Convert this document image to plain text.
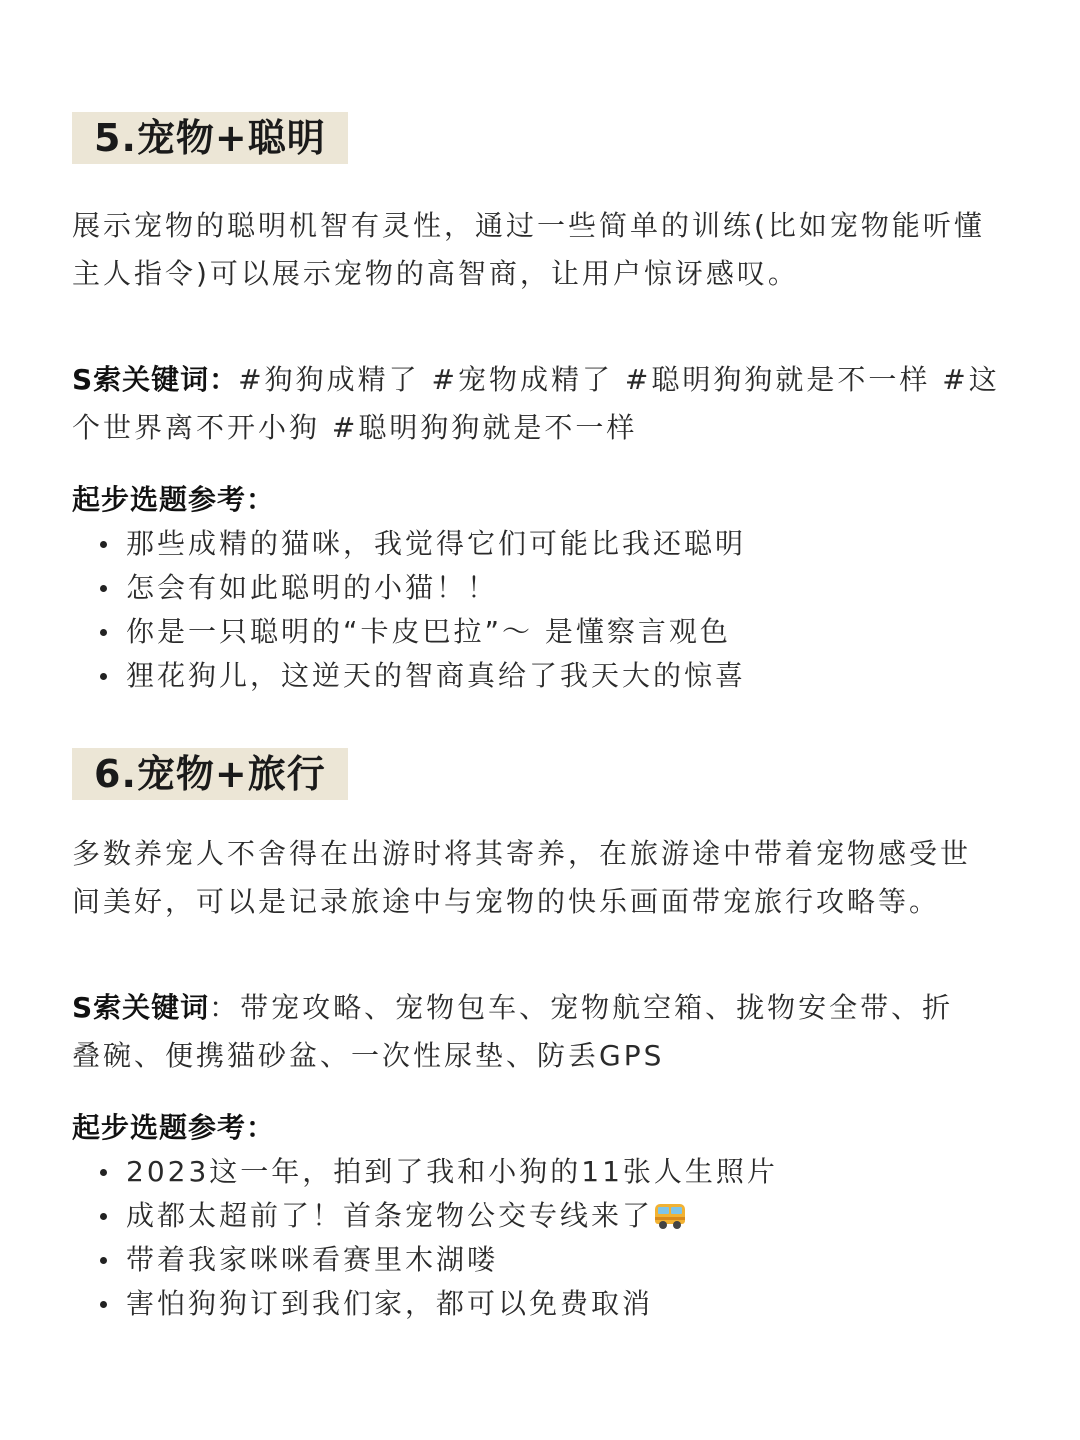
5.宠物+聪明

展示宠物的聪明机智有灵性，通过一些简单的训练(比如宠物能听懂
主人指令)可以展示宠物的高智商，让用户惊讶感叹。

S索关键词：#狗狗成精了 #宠物成精了 #聪明狗狗就是不一样 #这
个世界离不开小狗 #聪明狗狗就是不一样

起步选题参考：

那些成精的猫咪，我觉得它们可能比我还聪明
怎会有如此聪明的小猫！！
你是一只聪明的“卡皮巴拉”～ 是懂察言观色
狸花狗儿，这逆天的智商真给了我天大的惊喜
6.宠物+旅行

多数养宠人不舍得在出游时将其寄养，在旅游途中带着宠物感受世
间美好，可以是记录旅途中与宠物的快乐画面带宠旅行攻略等。

S索关键词：带宠攻略、宠物包车、宠物航空箱、拢物安全带、折
叠碗、便携猫砂盆、一次性尿垫、防丢GPS

起步选题参考：

2023这一年，拍到了我和小狗的11张人生照片
成都太超前了！首条宠物公交专线来了
带着我家咪咪看赛里木湖喽
害怕狗狗订到我们家，都可以免费取消
